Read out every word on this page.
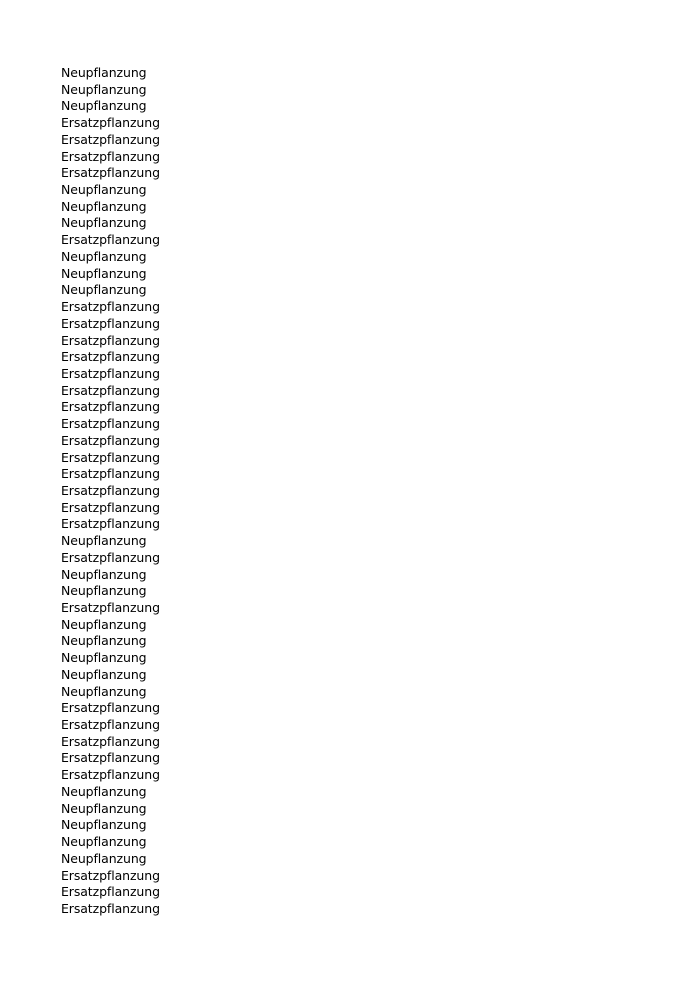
Neupflanzung
Neupflanzung
Neupflanzung
Ersatzpflanzung
Ersatzpflanzung
Ersatzpflanzung
Ersatzpflanzung
Neupflanzung
Neupflanzung
Neupflanzung
Ersatzpflanzung
Neupflanzung
Neupflanzung
Neupflanzung
Ersatzpflanzung
Ersatzpflanzung
Ersatzpflanzung
Ersatzpflanzung
Ersatzpflanzung
Ersatzpflanzung
Ersatzpflanzung
Ersatzpflanzung
Ersatzpflanzung
Ersatzpflanzung
Ersatzpflanzung
Ersatzpflanzung
Ersatzpflanzung
Ersatzpflanzung
Neupflanzung
Ersatzpflanzung
Neupflanzung
Neupflanzung
Ersatzpflanzung
Neupflanzung
Neupflanzung
Neupflanzung
Neupflanzung
Neupflanzung
Ersatzpflanzung
Ersatzpflanzung
Ersatzpflanzung
Ersatzpflanzung
Ersatzpflanzung
Neupflanzung
Neupflanzung
Neupflanzung
Neupflanzung
Neupflanzung
Ersatzpflanzung
Ersatzpflanzung
Ersatzpflanzung
